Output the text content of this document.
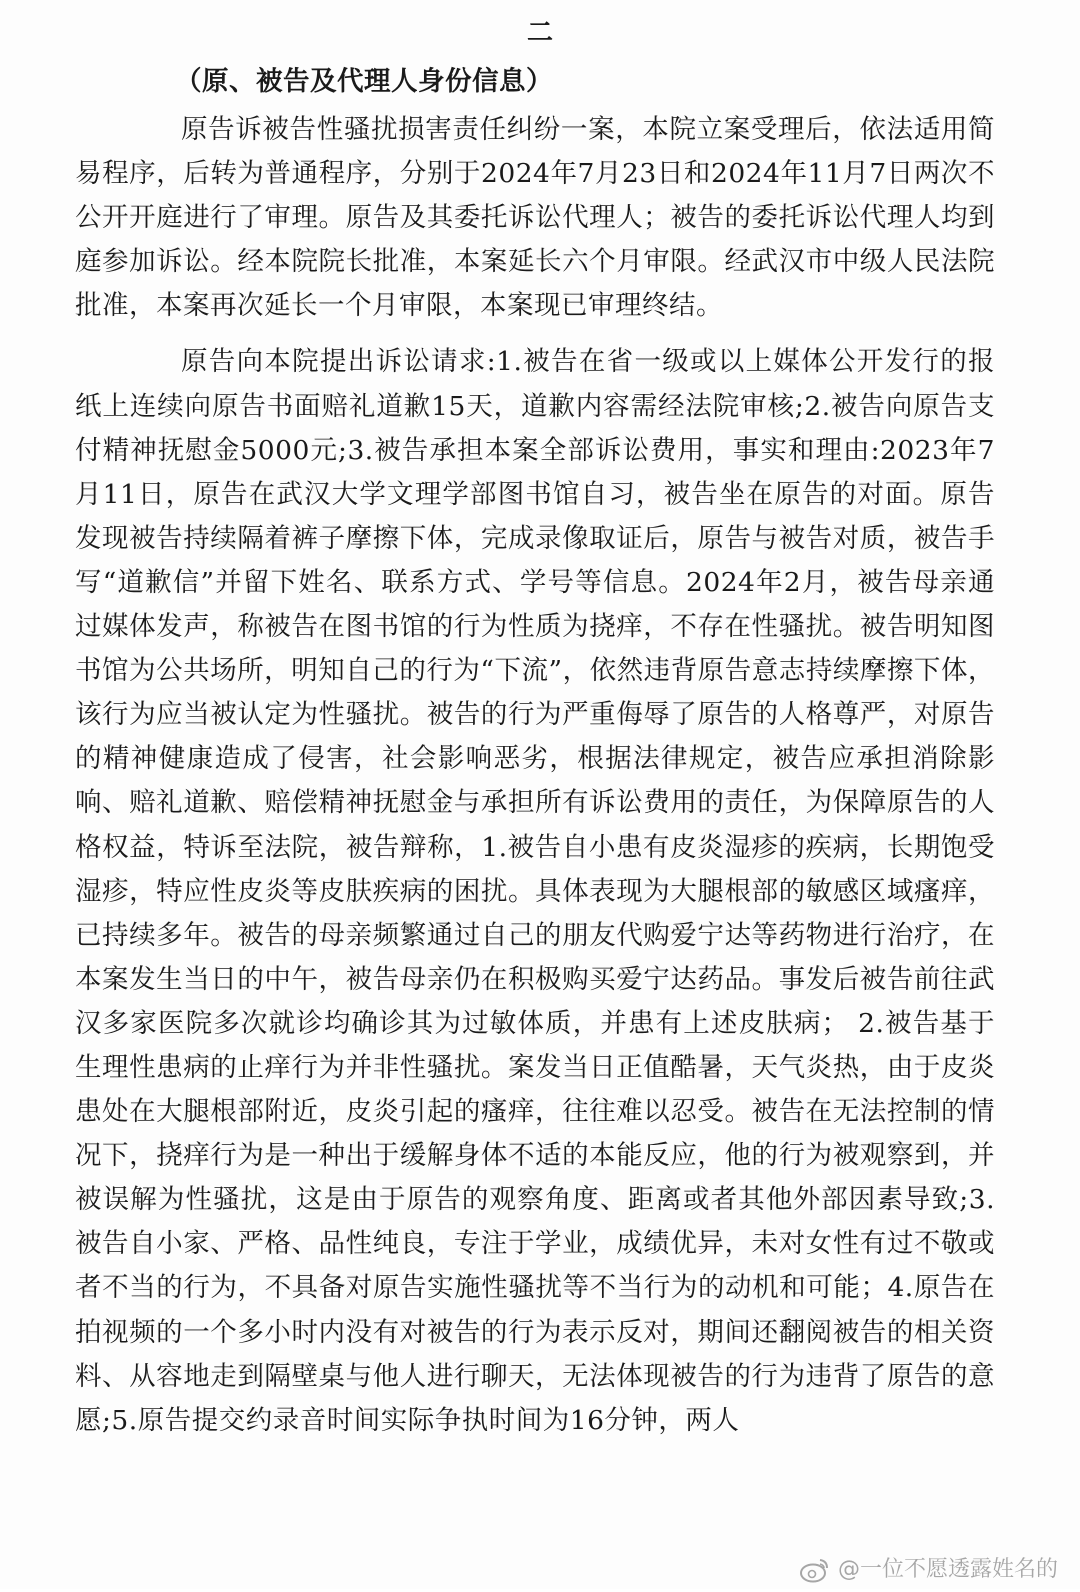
二

（原、被告及代理人身份信息）

原告诉被告性骚扰损害责任纠纷一案，本院立案受理后，依法适用简易程序，后转为普通程序，分别于2024年7月23日和2024年11月7日两次不公开开庭进行了审理。原告及其委托诉讼代理人；被告的委托诉讼代理人均到庭参加诉讼。经本院院长批准，本案延长六个月审限。经武汉市中级人民法院批准，本案再次延长一个月审限，本案现已审理终结。

原告向本院提出诉讼请求:1.被告在省一级或以上媒体公开发行的报纸上连续向原告书面赔礼道歉15天，道歉内容需经法院审核;2.被告向原告支付精神抚慰金5000元;3.被告承担本案全部诉讼费用，事实和理由:2023年7月11日，原告在武汉大学文理学部图书馆自习，被告坐在原告的对面。原告发现被告持续隔着裤子摩擦下体，完成录像取证后，原告与被告对质，被告手写“道歉信”并留下姓名、联系方式、学号等信息。2024年2月，被告母亲通过媒体发声，称被告在图书馆的行为性质为挠痒，不存在性骚扰。被告明知图书馆为公共场所，明知自己的行为“下流”，依然违背原告意志持续摩擦下体，该行为应当被认定为性骚扰。被告的行为严重侮辱了原告的人格尊严，对原告的精神健康造成了侵害，社会影响恶劣，根据法律规定，被告应承担消除影响、赔礼道歉、赔偿精神抚慰金与承担所有诉讼费用的责任，为保障原告的人格权益，特诉至法院，被告辩称，1.被告自小患有皮炎湿疹的疾病，长期饱受湿疹，特应性皮炎等皮肤疾病的困扰。具体表现为大腿根部的敏感区域瘙痒，已持续多年。被告的母亲频繁通过自己的朋友代购爱宁达等药物进行治疗，在本案发生当日的中午，被告母亲仍在积极购买爱宁达药品。事发后被告前往武汉多家医院多次就诊均确诊其为过敏体质，并患有上述皮肤病； 2.被告基于生理性患病的止痒行为并非性骚扰。案发当日正值酷暑，天气炎热，由于皮炎患处在大腿根部附近，皮炎引起的瘙痒，往往难以忍受。被告在无法控制的情况下，挠痒行为是一种出于缓解身体不适的本能反应，他的行为被观察到，并被误解为性骚扰，这是由于原告的观察角度、距离或者其他外部因素导致;3.被告自小家、严格、品性纯良，专注于学业，成绩优异，未对女性有过不敬或者不当的行为，不具备对原告实施性骚扰等不当行为的动机和可能；4.原告在拍视频的一个多小时内没有对被告的行为表示反对，期间还翻阅被告的相关资料、从容地走到隔壁桌与他人进行聊天，无法体现被告的行为违背了原告的意愿;5.原告提交约录音时间实际争执时间为16分钟，两人

@一位不愿透露姓名的
